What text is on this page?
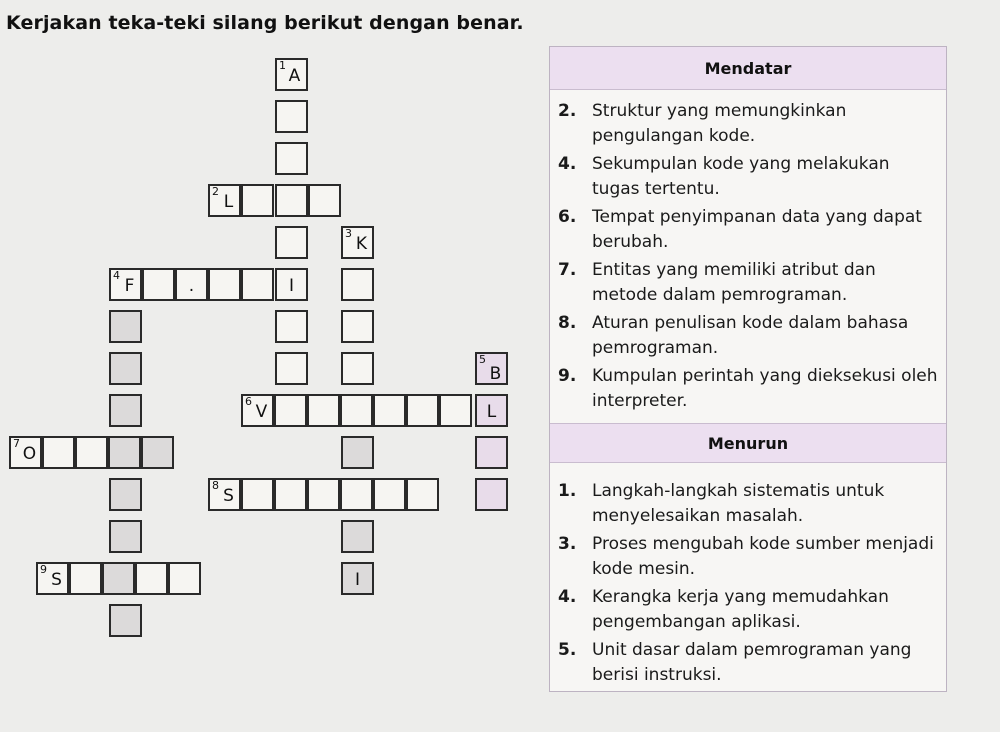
Kerjakan teka-teki silang berikut dengan benar.
1
A
I
2
L
3
K
I
4
F	.
5
B
L
6
V
7
O
8
S
9
S
Mendatar
2. Struktur yang memungkinkan pengulangan kode.
4. Sekumpulan kode yang melakukan tugas tertentu.
6. Tempat penyimpanan data yang dapat berubah.
7. Entitas yang memiliki atribut dan metode dalam pemrograman.
8. Aturan penulisan kode dalam bahasa pemrograman.
9. Kumpulan perintah yang dieksekusi oleh interpreter.
Menurun
1. Langkah-langkah sistematis untuk menyelesaikan masalah.
3. Proses mengubah kode sumber menjadi kode mesin.
4. Kerangka kerja yang memudahkan pengembangan aplikasi.
5. Unit dasar dalam pemrograman yang berisi instruksi.
